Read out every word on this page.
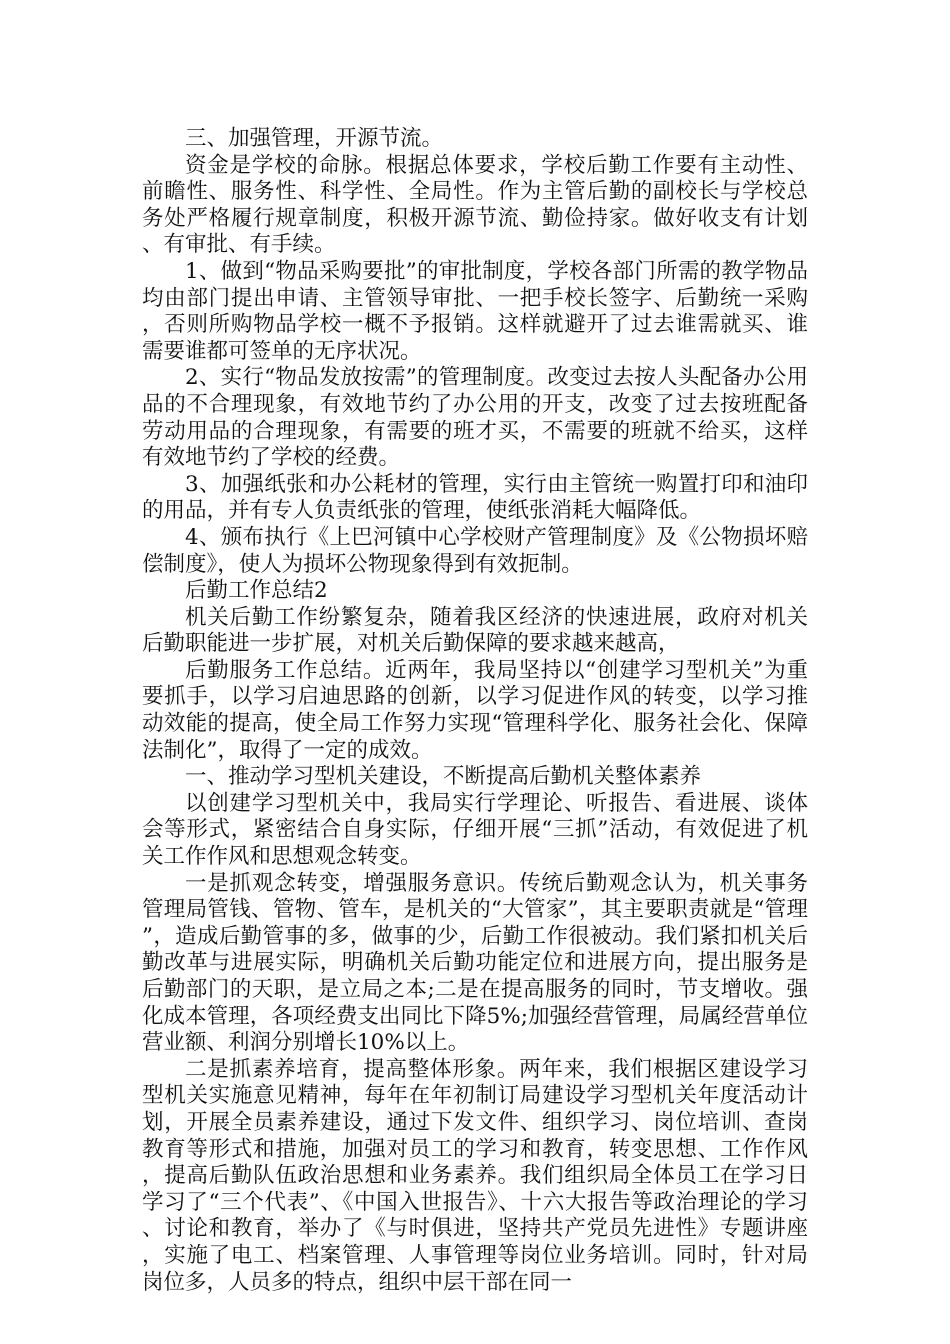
三、加强管理，开源节流。

资金是学校的命脉。根据总体要求，学校后勤工作要有主动性、前瞻性、服务性、科学性、全局性。作为主管后勤的副校长与学校总务处严格履行规章制度，积极开源节流、勤俭持家。做好收支有计划、有审批、有手续。

1、做到“物品采购要批”的审批制度，学校各部门所需的教学物品均由部门提出申请、主管领导审批、一把手校长签字、后勤统一采购，否则所购物品学校一概不予报销。这样就避开了过去谁需就买、谁需要谁都可签单的无序状况。

2、实行“物品发放按需”的管理制度。改变过去按人头配备办公用品的不合理现象，有效地节约了办公用的开支，改变了过去按班配备劳动用品的合理现象，有需要的班才买，不需要的班就不给买，这样有效地节约了学校的经费。

3、加强纸张和办公耗材的管理，实行由主管统一购置打印和油印的用品，并有专人负责纸张的管理，使纸张消耗大幅降低。

4、颁布执行《上巴河镇中心学校财产管理制度》及《公物损坏赔偿制度》，使人为损坏公物现象得到有效扼制。

后勤工作总结2

机关后勤工作纷繁复杂，随着我区经济的快速进展，政府对机关后勤职能进一步扩展，对机关后勤保障的要求越来越高，

后勤服务工作总结。近两年，我局坚持以“创建学习型机关”为重要抓手，以学习启迪思路的创新，以学习促进作风的转变，以学习推动效能的提高，使全局工作努力实现“管理科学化、服务社会化、保障法制化”，取得了一定的成效。

一、推动学习型机关建设，不断提高后勤机关整体素养

以创建学习型机关中，我局实行学理论、听报告、看进展、谈体会等形式，紧密结合自身实际，仔细开展“三抓”活动，有效促进了机关工作作风和思想观念转变。

一是抓观念转变，增强服务意识。传统后勤观念认为，机关事务管理局管钱、管物、管车，是机关的“大管家”，其主要职责就是“管理”，造成后勤管事的多，做事的少，后勤工作很被动。我们紧扣机关后勤改革与进展实际，明确机关后勤功能定位和进展方向，提出服务是后勤部门的天职，是立局之本;二是在提高服务的同时，节支增收。强化成本管理，各项经费支出同比下降5%;加强经营管理，局属经营单位营业额、利润分别增长10%以上。

二是抓素养培育，提高整体形象。两年来，我们根据区建设学习型机关实施意见精神，每年在年初制订局建设学习型机关年度活动计划，开展全员素养建设，通过下发文件、组织学习、岗位培训、查岗教育等形式和措施，加强对员工的学习和教育，转变思想、工作作风，提高后勤队伍政治思想和业务素养。我们组织局全体员工在学习日学习了“三个代表”、《中国入世报告》、十六大报告等政治理论的学习、讨论和教育，举办了《与时俱进，坚持共产党员先进性》专题讲座，实施了电工、档案管理、人事管理等岗位业务培训。同时，针对局岗位多，人员多的特点，组织中层干部在同一
